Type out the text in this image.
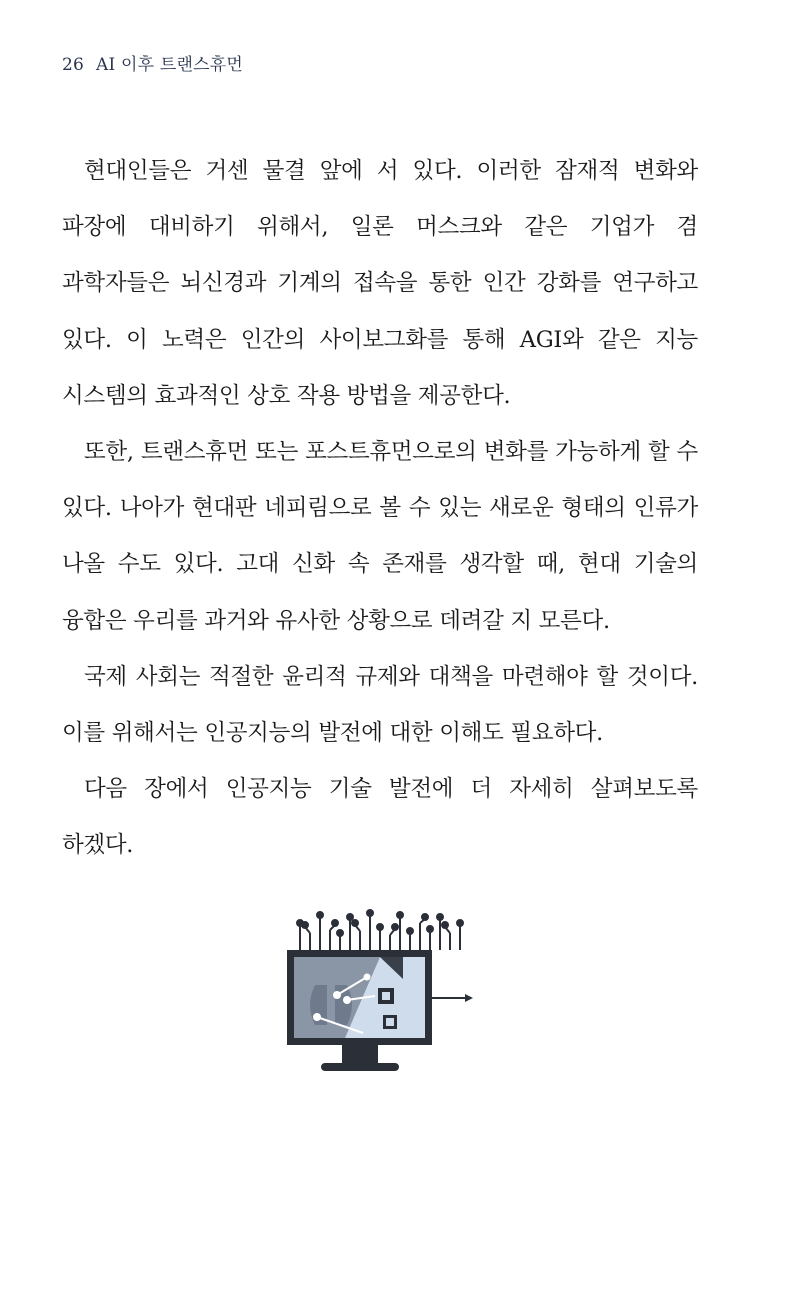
26 AI 이후 트랜스휴먼

현대인들은 거센 물결 앞에 서 있다. 이러한 잠재적 변화와 파장에 대비하기 위해서, 일론 머스크와 같은 기업가 겸 과학자들은 뇌신경과 기계의 접속을 통한 인간 강화를 연구하고 있다. 이 노력은 인간의 사이보그화를 통해 AGI와 같은 지능 시스템의 효과적인 상호 작용 방법을 제공한다.

또한, 트랜스휴먼 또는 포스트휴먼으로의 변화를 가능하게 할 수 있다. 나아가 현대판 네피림으로 볼 수 있는 새로운 형태의 인류가 나올 수도 있다. 고대 신화 속 존재를 생각할 때, 현대 기술의 융합은 우리를 과거와 유사한 상황으로 데려갈 지 모른다.

국제 사회는 적절한 윤리적 규제와 대책을 마련해야 할 것이다. 이를 위해서는 인공지능의 발전에 대한 이해도 필요하다.

다음 장에서 인공지능 기술 발전에 더 자세히 살펴보도록 하겠다.
